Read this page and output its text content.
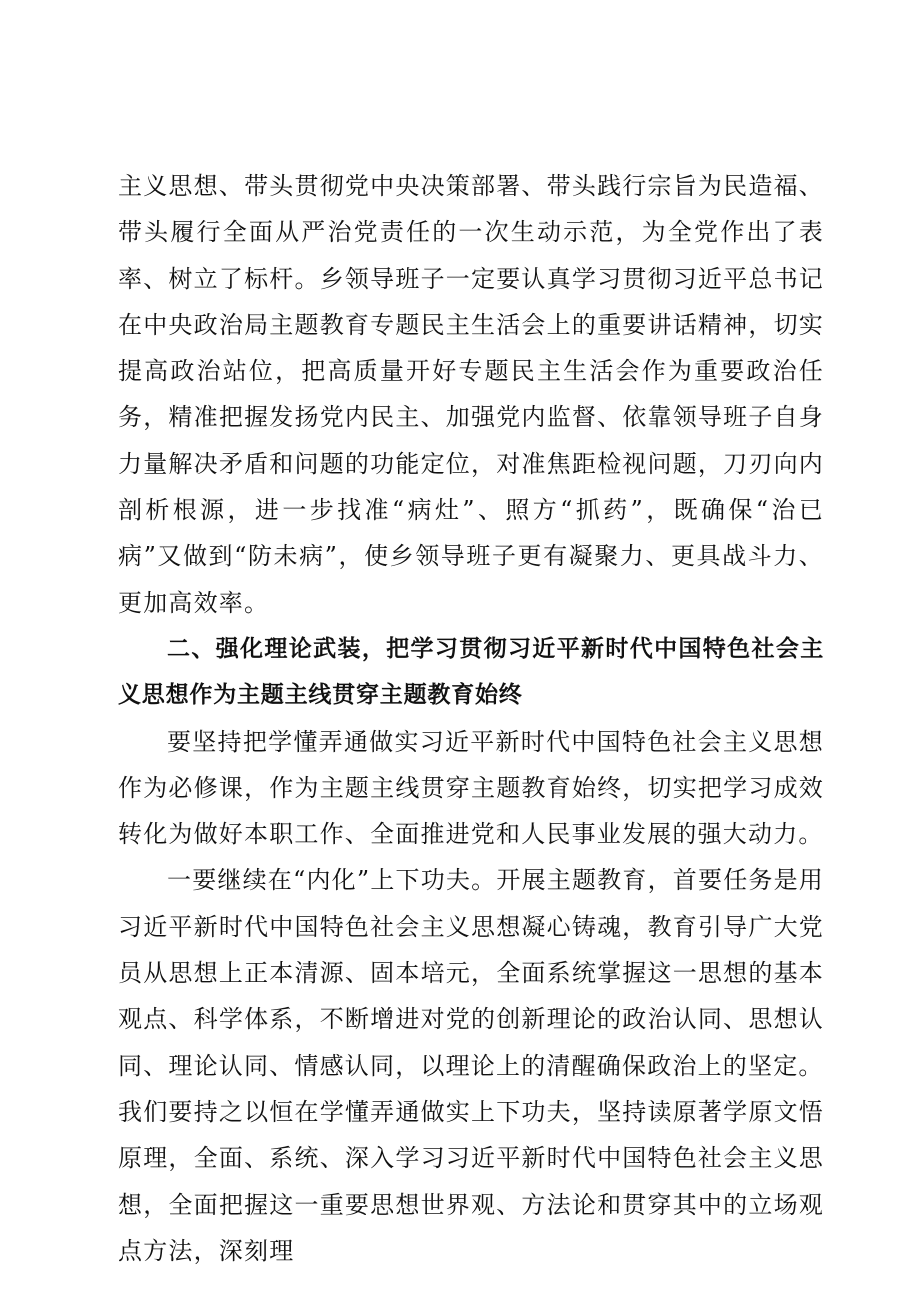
主义思想、带头贯彻党中央决策部署、带头践行宗旨为民造福、带头履行全面从严治党责任的一次生动示范，为全党作出了表率、树立了标杆。乡领导班子一定要认真学习贯彻习近平总书记在中央政治局主题教育专题民主生活会上的重要讲话精神，切实提高政治站位，把高质量开好专题民主生活会作为重要政治任务，精准把握发扬党内民主、加强党内监督、依靠领导班子自身力量解决矛盾和问题的功能定位，对准焦距检视问题，刀刃向内剖析根源，进一步找准“病灶”、照方“抓药”，既确保“治已病”又做到“防未病”，使乡领导班子更有凝聚力、更具战斗力、更加高效率。

二、强化理论武装，把学习贯彻习近平新时代中国特色社会主义思想作为主题主线贯穿主题教育始终

要坚持把学懂弄通做实习近平新时代中国特色社会主义思想作为必修课，作为主题主线贯穿主题教育始终，切实把学习成效转化为做好本职工作、全面推进党和人民事业发展的强大动力。

一要继续在“内化”上下功夫。开展主题教育，首要任务是用习近平新时代中国特色社会主义思想凝心铸魂，教育引导广大党员从思想上正本清源、固本培元，全面系统掌握这一思想的基本观点、科学体系，不断增进对党的创新理论的政治认同、思想认同、理论认同、情感认同，以理论上的清醒确保政治上的坚定。

我们要持之以恒在学懂弄通做实上下功夫，坚持读原著学原文悟原理，全面、系统、深入学习习近平新时代中国特色社会主义思想，全面把握这一重要思想世界观、方法论和贯穿其中的立场观点方法，深刻理
